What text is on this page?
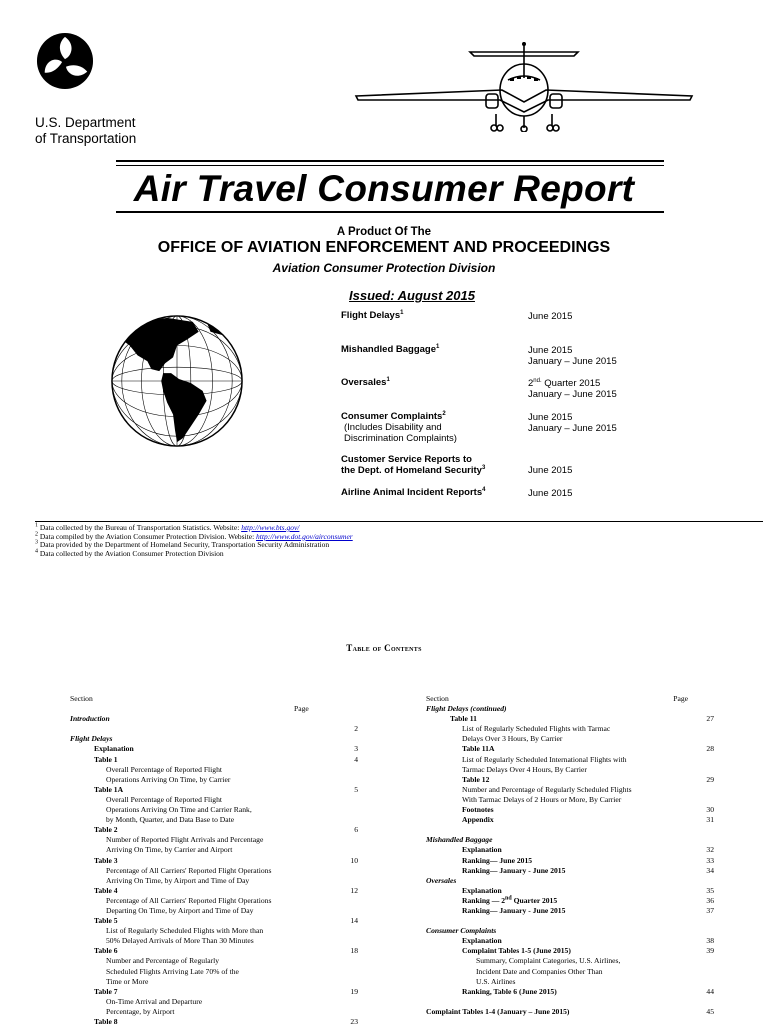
U.S. Department
of Transportation
Air Travel Consumer Report
A Product Of The
OFFICE OF AVIATION ENFORCEMENT AND PROCEEDINGS
Aviation Consumer Protection Division
Issued: August 2015
Flight Delays$^1$	June 2015
Mishandled Baggage$^1$	June 2015
January – June 2015
Oversales$^1$	$2^{nd.}$ Quarter 2015
January – June 2015
Consumer Complaints$^2$
(Includes Disability and
Discrimination Complaints)
June 2015
January – June 2015
Customer Service Reports to
the Dept. of Homeland Security$^3$	June 2015
Airline Animal Incident Reports$^4$	June 2015
$^1$ Data collected by the Bureau of Transportation Statistics. Website: http://www.bts.gov/
$^2$ Data compiled by the Aviation Consumer Protection Division. Website: http://www.dot.gov/airconsumer
$^3$ Data provided by the Department of Homeland Security, Transportation Security Administration
$^4$ Data collected by the Aviation Consumer Protection Division
Table of Contents
Section
Page
Introduction
2
Flight Delays
Explanation	3
Table 1	4
Overall Percentage of Reported Flight
Operations Arriving On Time, by Carrier
Table 1A	5
Overall Percentage of Reported Flight
Operations Arriving On Time and Carrier Rank,
by Month, Quarter, and Data Base to Date
Table 2	6
Number of Reported Flight Arrivals and Percentage
Arriving On Time, by Carrier and Airport
Table 3	10
Percentage of All Carriers' Reported Flight Operations
Arriving On Time, by Airport and Time of Day
Table 4	12
Percentage of All Carriers' Reported Flight Operations
Departing On Time, by Airport and Time of Day
Table 5	14
List of Regularly Scheduled Flights with More than
50% Delayed Arrivals of More Than 30 Minutes
Table 6	18
Number and Percentage of Regularly
Scheduled Flights Arriving Late 70% of the
Time or More
Table 7	19
On-Time Arrival and Departure
Percentage, by Airport
Table 8	23
Section	Page
Flight Delays (continued)
Table 11	27
List of Regularly Scheduled Flights with Tarmac
Delays Over 3 Hours, By Carrier
Table 11A	28
List of Regularly Scheduled International Flights with
Tarmac Delays Over 4 Hours, By Carrier
Table 12	29
Number and Percentage of Regularly Scheduled Flights
With Tarmac Delays of 2 Hours or More, By Carrier
Footnotes	30
Appendix	31
Mishandled Baggage
Explanation	32
Ranking— June 2015	33
Ranking— January - June 2015	34
Oversales
Explanation	35
Ranking — 2nd Quarter 2015	36
Ranking— January - June 2015	37
Consumer Complaints
Explanation	38
Complaint Tables 1-5 (June 2015)	39
Summary, Complaint Categories, U.S. Airlines,
Incident Date and Companies Other Than
U.S. Airlines
Ranking, Table 6 (June 2015)	44
Complaint Tables 1-4 (January – June 2015)	45
